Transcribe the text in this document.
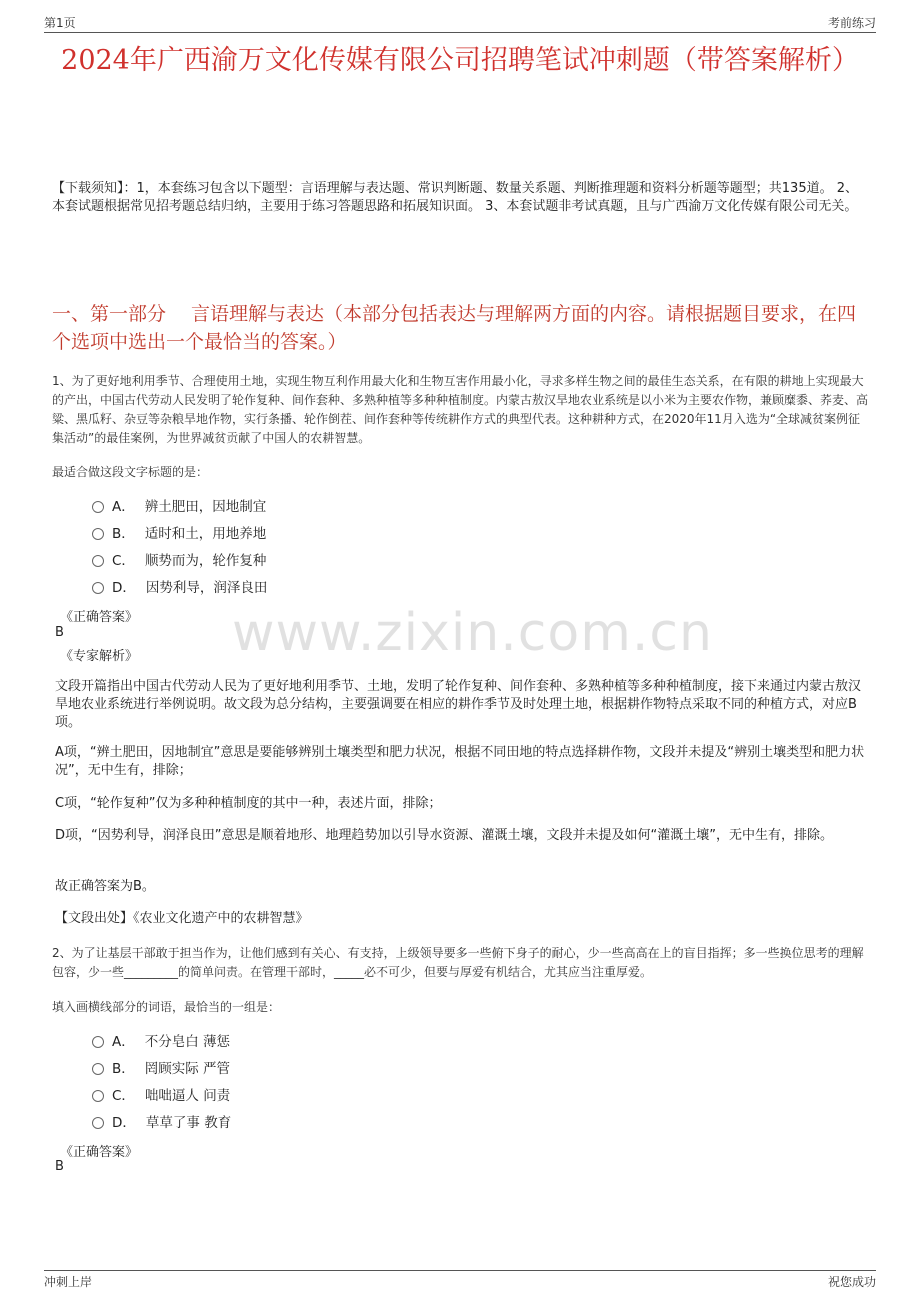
第1页	考前练习
2024年广西渝万文化传媒有限公司招聘笔试冲刺题（带答案解析）
【下载须知】：1，本套练习包含以下题型：言语理解与表达题、常识判断题、数量关系题、判断推理题和资料分析题等题型；共135道。 2、本套试题根据常见招考题总结归纳，主要用于练习答题思路和拓展知识面。 3、本套试题非考试真题，且与广西渝万文化传媒有限公司无关。
一、第一部分　 言语理解与表达（本部分包括表达与理解两方面的内容。请根据题目要求，在四个选项中选出一个最恰当的答案。）
1、为了更好地利用季节、合理使用土地，实现生物互利作用最大化和生物互害作用最小化，寻求多样生物之间的最佳生态关系，在有限的耕地上实现最大的产出，中国古代劳动人民发明了轮作复种、间作套种、多熟种植等多种种植制度。内蒙古敖汉旱地农业系统是以小米为主要农作物，兼顾糜黍、荞麦、高粱、黑瓜籽、杂豆等杂粮旱地作物，实行条播、轮作倒茬、间作套种等传统耕作方式的典型代表。这种耕种方式，在2020年11月入选为“全球减贫案例征集活动”的最佳案例，为世界减贫贡献了中国人的农耕智慧。
最适合做这段文字标题的是：
A． 辨土肥田，因地制宜
B． 适时和土，用地养地
C． 顺势而为，轮作复种
D． 因势利导，润泽良田
《正确答案》
B
《专家解析》 www.zixin.com.cn
文段开篇指出中国古代劳动人民为了更好地利用季节、土地，发明了轮作复种、间作套种、多熟种植等多种种植制度，接下来通过内蒙古敖汉旱地农业系统进行举例说明。故文段为总分结构，主要强调要在相应的耕作季节及时处理土地，根据耕作物特点采取不同的种植方式，对应B项。
A项，“辨土肥田，因地制宜”意思是要能够辨别土壤类型和肥力状况，根据不同田地的特点选择耕作物，文段并未提及“辨别土壤类型和肥力状况”，无中生有，排除；
C项，“轮作复种”仅为多种种植制度的其中一种，表述片面，排除；
D项，“因势利导，润泽良田”意思是顺着地形、地理趋势加以引导水资源、灌溉土壤，文段并未提及如何“灌溉土壤”，无中生有，排除。
故正确答案为B。
【文段出处】《农业文化遗产中的农耕智慧》
2、为了让基层干部敢于担当作为，让他们感到有关心、有支持，上级领导要多一些俯下身子的耐心，少一些高高在上的盲目指挥；多一些换位思考的理解包容，少一些_________的简单问责。在管理干部时，_____必不可少，但要与厚爱有机结合，尤其应当注重厚爱。
填入画横线部分的词语，最恰当的一组是：
A． 不分皂白 薄惩
B． 罔顾实际 严管
C． 咄咄逼人 问责
D． 草草了事 教育
《正确答案》
B
冲刺上岸	祝您成功
